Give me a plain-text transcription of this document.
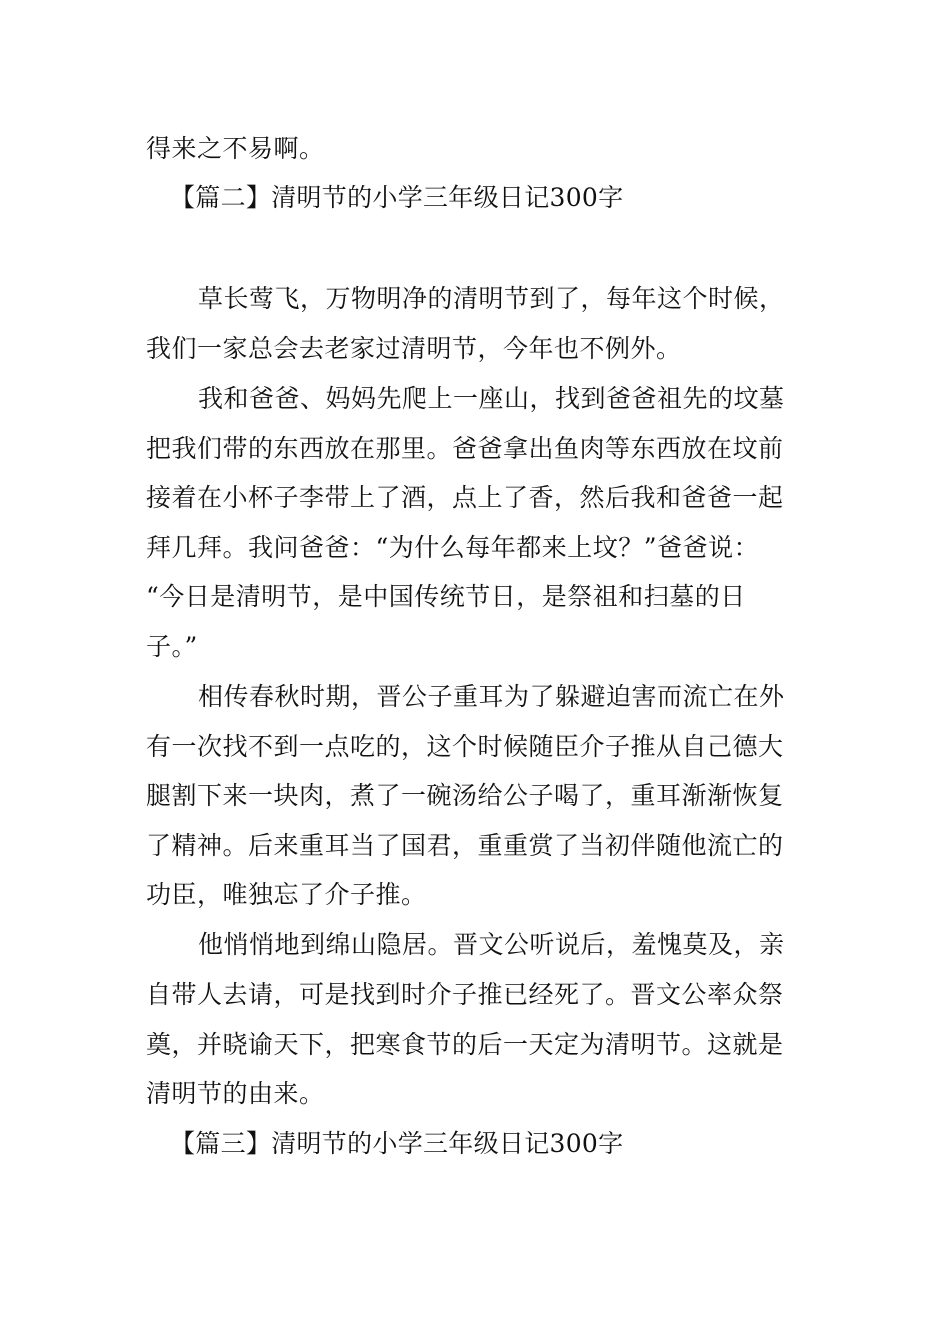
得来之不易啊。
【篇二】清明节的小学三年级日记300字
草长莺飞，万物明净的清明节到了，每年这个时候，
我们一家总会去老家过清明节，今年也不例外。
我和爸爸、妈妈先爬上一座山，找到爸爸祖先的坟墓
把我们带的东西放在那里。爸爸拿出鱼肉等东西放在坟前
接着在小杯子李带上了酒，点上了香，然后我和爸爸一起
拜几拜。我问爸爸：“为什么每年都来上坟？”爸爸说：
“今日是清明节，是中国传统节日，是祭祖和扫墓的日
子。”
相传春秋时期，晋公子重耳为了躲避迫害而流亡在外
有一次找不到一点吃的，这个时候随臣介子推从自己德大
腿割下来一块肉，煮了一碗汤给公子喝了，重耳渐渐恢复
了精神。后来重耳当了国君，重重赏了当初伴随他流亡的
功臣，唯独忘了介子推。
他悄悄地到绵山隐居。晋文公听说后，羞愧莫及，亲
自带人去请，可是找到时介子推已经死了。晋文公率众祭
奠，并晓谕天下，把寒食节的后一天定为清明节。这就是
清明节的由来。
【篇三】清明节的小学三年级日记300字
